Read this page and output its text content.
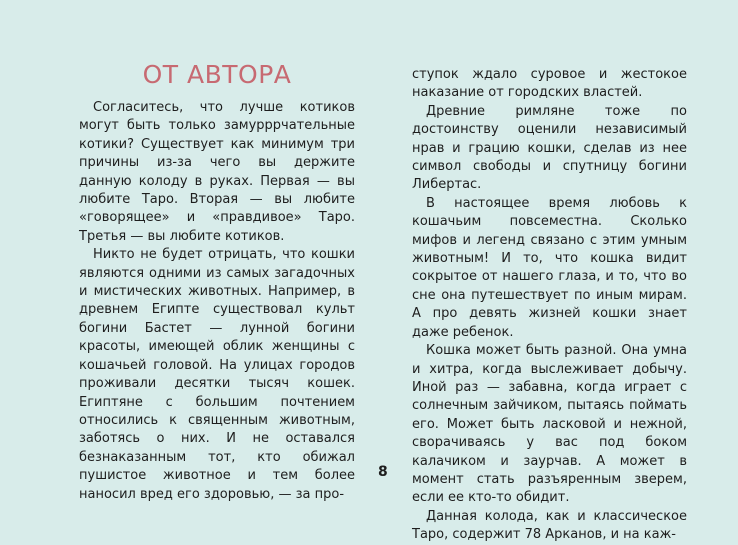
ОТ АВТОРА

Согласитесь, что лучше котиков могут быть только замурррчательные котики? Существует как минимум три причины из-за чего вы держите данную колоду в руках. Первая — вы любите Таро. Вторая — вы любите «говорящее» и «правдивое» Таро. Третья — вы любите котиков.

Никто не будет отрицать, что кошки являются одними из самых загадочных и мистических животных. Например, в древнем Египте существовал культ богини Бастет — лунной богини красоты, имеющей облик женщины с кошачьей головой. На улицах городов проживали десятки тысяч кошек. Египтяне с большим почтением относились к священным животным, заботясь о них. И не оставался безнаказанным тот, кто обижал пушистое животное и тем более наносил вред его здоровью, — за про-

ступок ждало суровое и жестокое наказание от городских властей.

Древние римляне тоже по достоинству оценили независимый нрав и грацию кошки, сделав из нее символ свободы и спутницу богини Либертас.

В настоящее время любовь к кошачьим повсеместна. Сколько мифов и легенд связано с этим умным животным! И то, что кошка видит сокрытое от нашего глаза, и то, что во сне она путешествует по иным мирам. А про девять жизней кошки знает даже ребенок.

Кошка может быть разной. Она умна и хитра, когда выслеживает добычу. Иной раз — забавна, когда играет с солнечным зайчиком, пытаясь поймать его. Может быть ласковой и нежной, сворачиваясь у вас под боком калачиком и заурчав. А может в момент стать разъяренным зверем, если ее кто-то обидит.

Данная колода, как и классическое Таро, содержит 78 Арканов, и на каж-

8
